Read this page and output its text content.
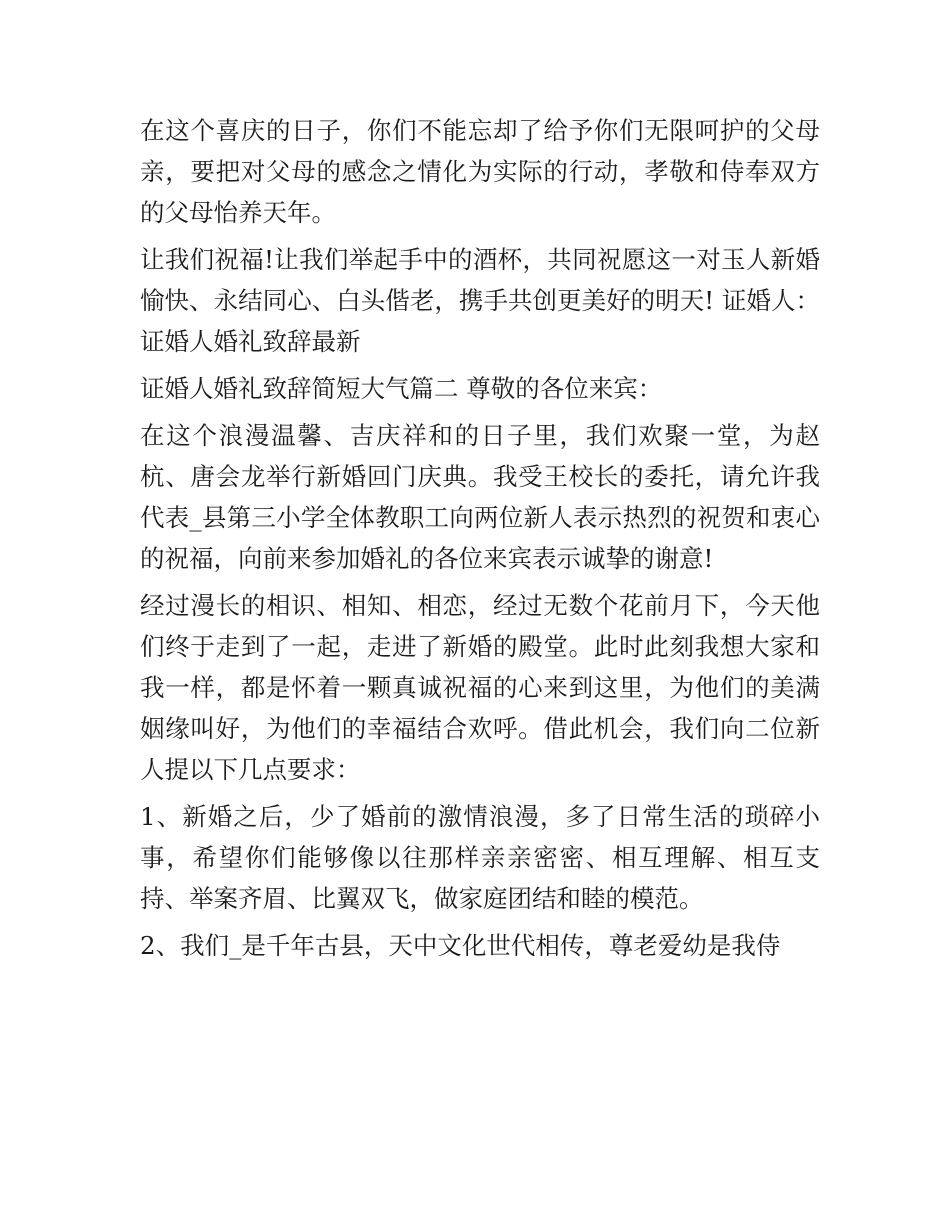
在这个喜庆的日子，你们不能忘却了给予你们无限呵护的父母亲，要把对父母的感念之情化为实际的行动，孝敬和侍奉双方的父母怡养天年。

让我们祝福!让我们举起手中的酒杯，共同祝愿这一对玉人新婚愉快、永结同心、白头偕老，携手共创更美好的明天! 证婚人： 证婚人婚礼致辞最新

证婚人婚礼致辞简短大气篇二 尊敬的各位来宾：

在这个浪漫温馨、吉庆祥和的日子里，我们欢聚一堂，为赵杭、唐会龙举行新婚回门庆典。我受王校长的委托，请允许我代表_县第三小学全体教职工向两位新人表示热烈的祝贺和衷心的祝福，向前来参加婚礼的各位来宾表示诚挚的谢意!

经过漫长的相识、相知、相恋，经过无数个花前月下，今天他们终于走到了一起，走进了新婚的殿堂。此时此刻我想大家和我一样，都是怀着一颗真诚祝福的心来到这里，为他们的美满姻缘叫好，为他们的幸福结合欢呼。借此机会，我们向二位新人提以下几点要求：

1、新婚之后，少了婚前的激情浪漫，多了日常生活的琐碎小事，希望你们能够像以往那样亲亲密密、相互理解、相互支持、举案齐眉、比翼双飞，做家庭团结和睦的模范。

2、我们_是千年古县，天中文化世代相传，尊老爱幼是我侍
